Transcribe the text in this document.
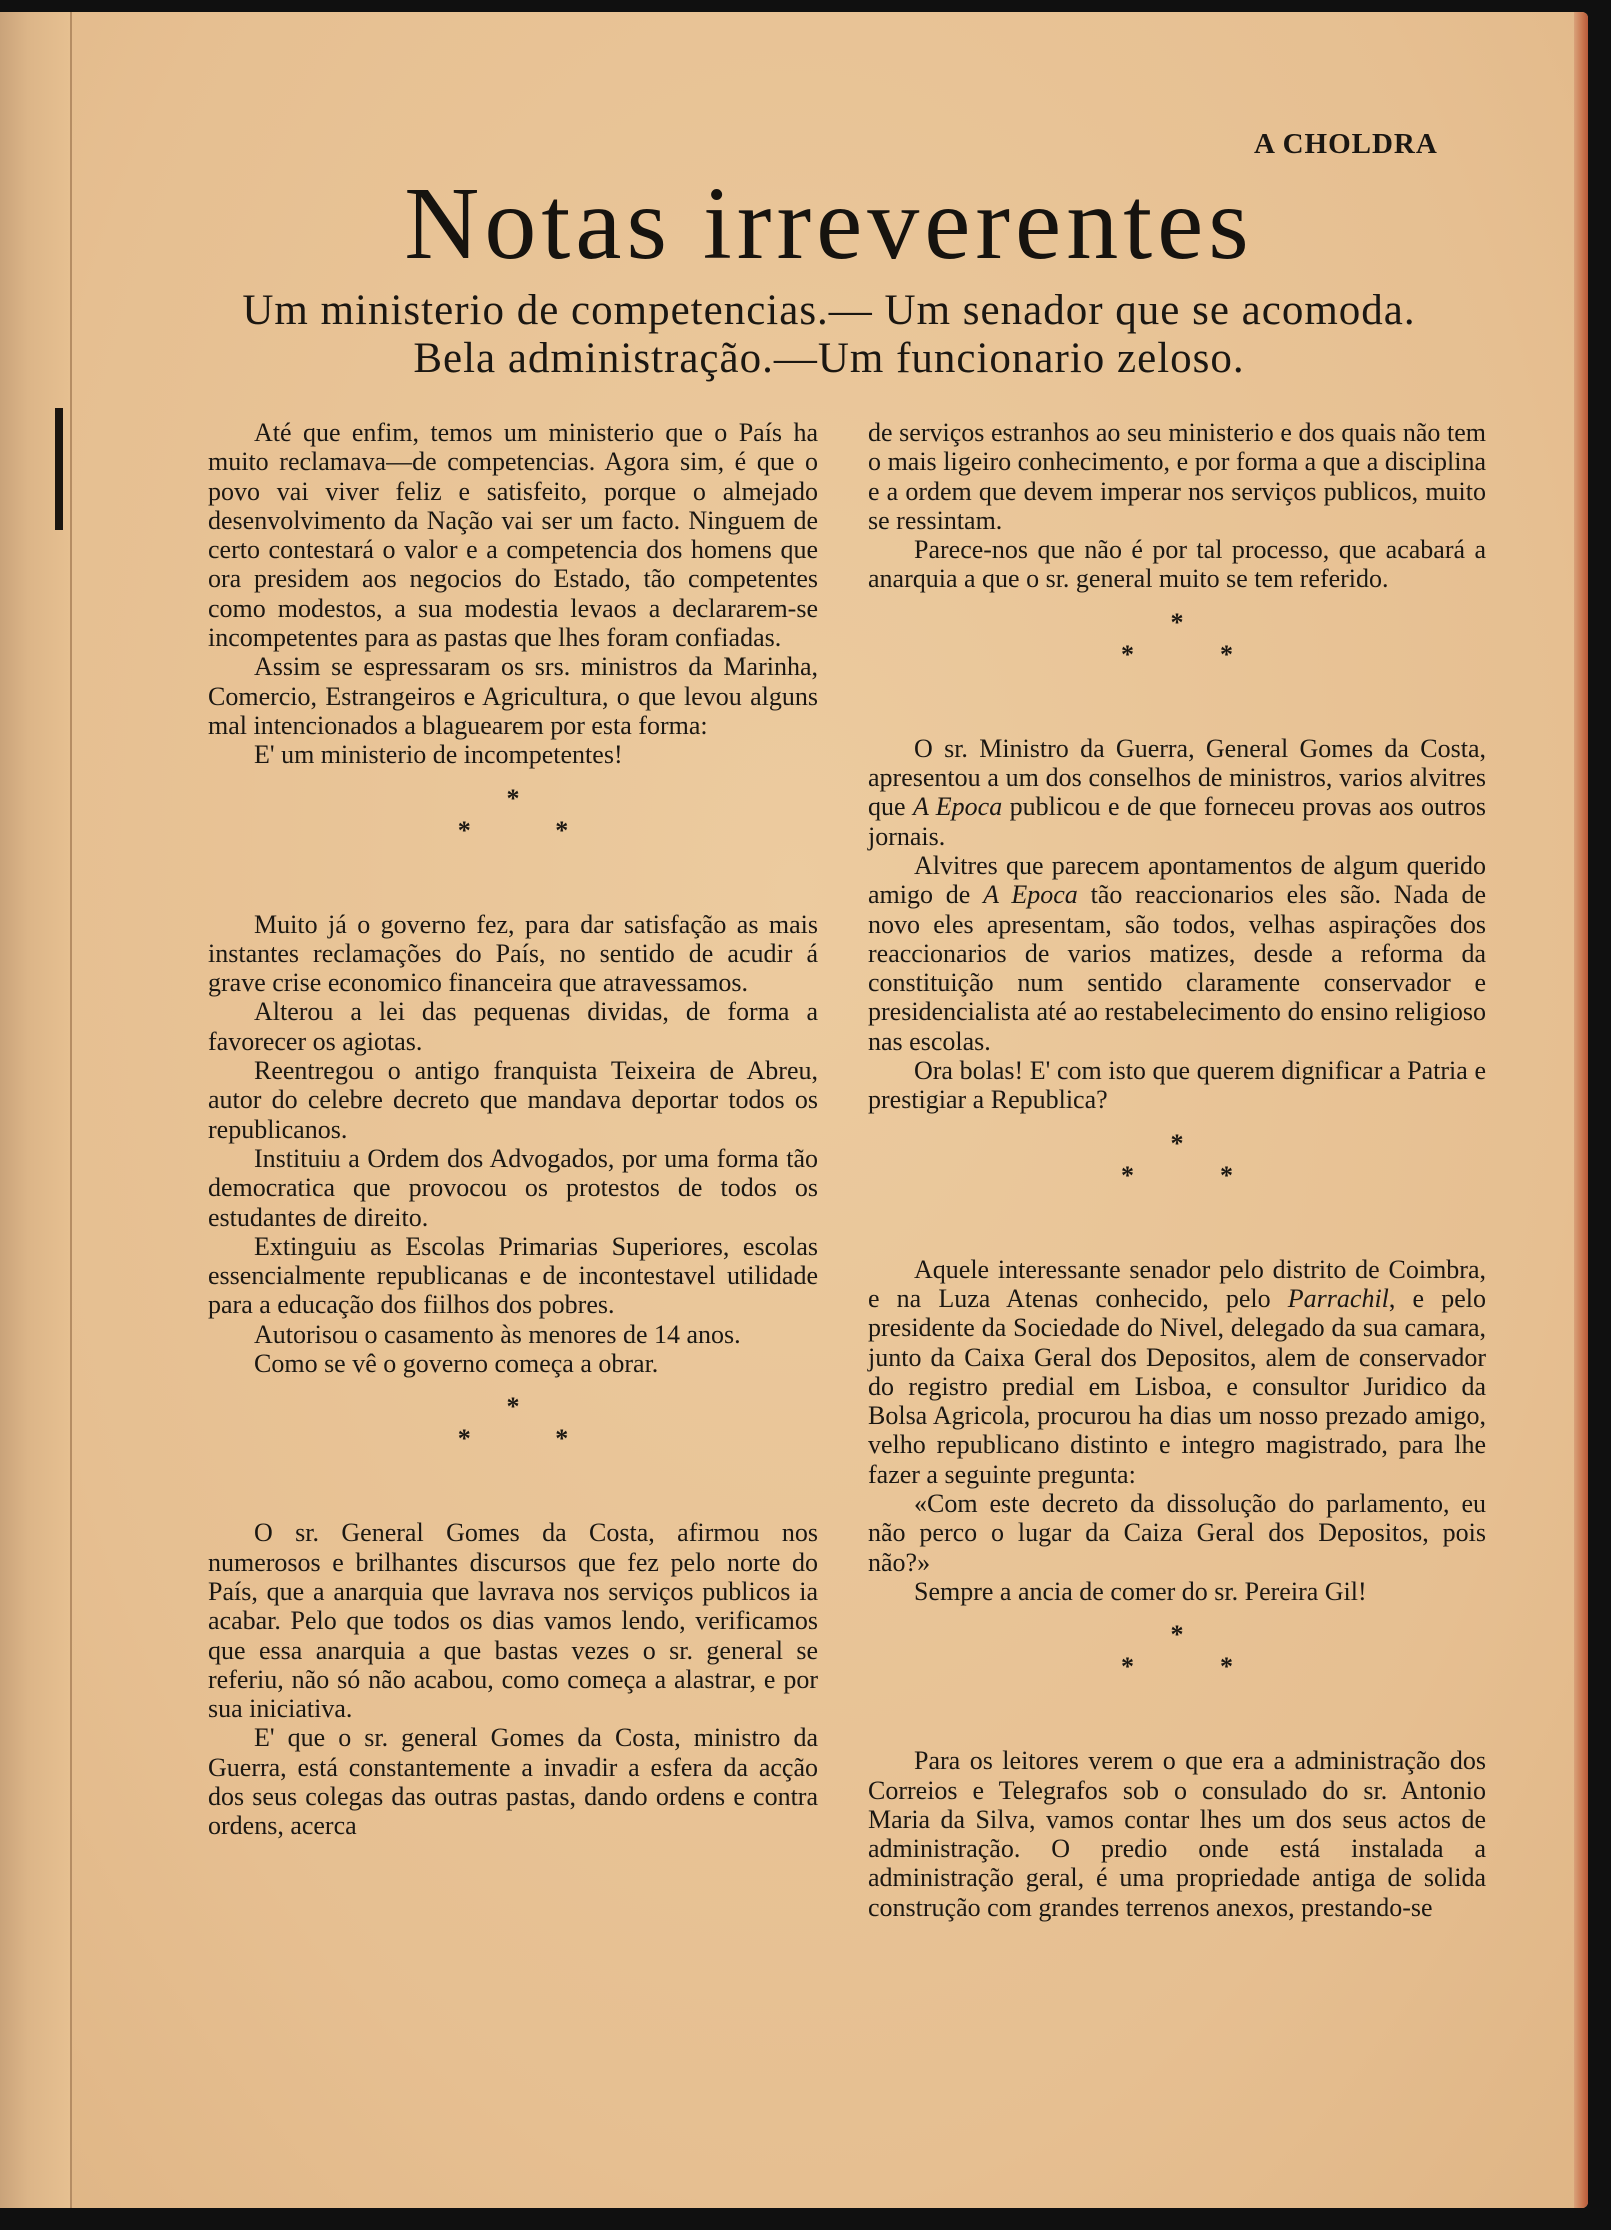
A CHOLDRA
Notas irreverentes
Um ministerio de competencias.— Um senador que se acomoda.
Bela administração.—Um funcionario zeloso.

Até que enfim, temos um ministerio que o País ha muito reclamava—de competencias. Agora sim, é que o povo vai viver feliz e satisfeito, porque o almejado desenvolvimento da Nação vai ser um facto. Ninguem de certo contestará o valor e a competencia dos homens que ora presidem aos negocios do Estado, tão competentes como modestos, a sua modestia levaos a declararem-se incompetentes para as pastas que lhes foram confiadas.

Assim se espressaram os srs. ministros da Marinha, Comercio, Estrangeiros e Agricultura, o que levou alguns mal intencionados a blaguearem por esta forma:

E' um ministerio de incompetentes!

*
*	*

Muito já o governo fez, para dar satisfação as mais instantes reclamações do País, no sentido de acudir á grave crise economico financeira que atravessamos.

Alterou a lei das pequenas dividas, de forma a favorecer os agiotas.

Reentregou o antigo franquista Teixeira de Abreu, autor do celebre decreto que mandava deportar todos os republicanos.

Instituiu a Ordem dos Advogados, por uma forma tão democratica que provocou os protestos de todos os estudantes de direito.

Extinguiu as Escolas Primarias Superiores, escolas essencialmente republicanas e de incontestavel utilidade para a educação dos fiilhos dos pobres.

Autorisou o casamento às menores de 14 anos.

Como se vê o governo começa a obrar.

*
*	*

O sr. General Gomes da Costa, afirmou nos numerosos e brilhantes discursos que fez pelo norte do País, que a anarquia que lavrava nos serviços publicos ia acabar. Pelo que todos os dias vamos lendo, verificamos que essa anarquia a que bastas vezes o sr. general se referiu, não só não acabou, como começa a alastrar, e por sua iniciativa.

E' que o sr. general Gomes da Costa, ministro da Guerra, está constantemente a invadir a esfera da acção dos seus colegas das outras pastas, dando ordens e contra ordens, acerca

de serviços estranhos ao seu ministerio e dos quais não tem o mais ligeiro conhecimento, e por forma a que a disciplina e a ordem que devem imperar nos serviços publicos, muito se ressintam.

Parece-nos que não é por tal processo, que acabará a anarquia a que o sr. general muito se tem referido.

*
*	*

O sr. Ministro da Guerra, General Gomes da Costa, apresentou a um dos conselhos de ministros, varios alvitres que A Epoca publicou e de que forneceu provas aos outros jornais.

Alvitres que parecem apontamentos de algum querido amigo de A Epoca tão reaccionarios eles são. Nada de novo eles apresentam, são todos, velhas aspirações dos reaccionarios de varios matizes, desde a reforma da constituição num sentido claramente conservador e presidencialista até ao restabelecimento do ensino religioso nas escolas.

Ora bolas! E' com isto que querem dignificar a Patria e prestigiar a Republica?

*
*	*

Aquele interessante senador pelo distrito de Coimbra, e na Luza Atenas conhecido, pelo Parrachil, e pelo presidente da Sociedade do Nivel, delegado da sua camara, junto da Caixa Geral dos Depositos, alem de conservador do registro predial em Lisboa, e consultor Juridico da Bolsa Agricola, procurou ha dias um nosso prezado amigo, velho republicano distinto e integro magistrado, para lhe fazer a seguinte pregunta:

«Com este decreto da dissolução do parlamento, eu não perco o lugar da Caiza Geral dos Depositos, pois não?»

Sempre a ancia de comer do sr. Pereira Gil!

*
*	*

Para os leitores verem o que era a administração dos Correios e Telegrafos sob o consulado do sr. Antonio Maria da Silva, vamos contar lhes um dos seus actos de administração. O predio onde está instalada a administração geral, é uma propriedade antiga de solida construção com grandes terrenos anexos, prestando-se
